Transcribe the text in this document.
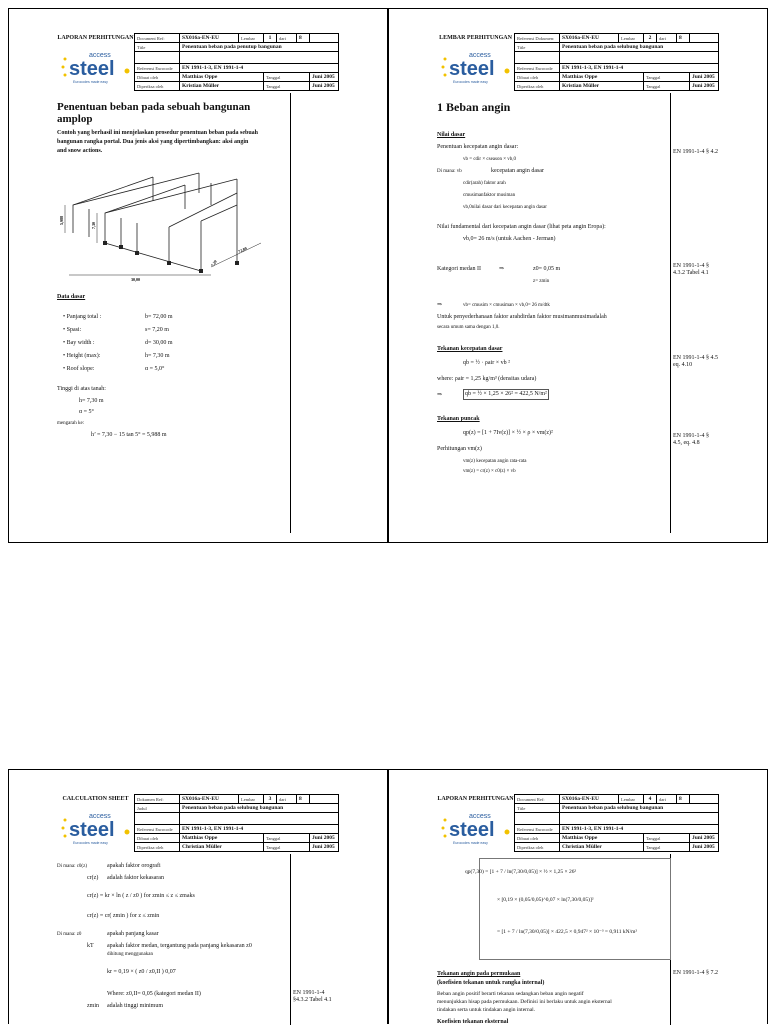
LAPORAN PERHITUNGAN
access
steel
Eurocodes made easy
Document Ref:	SX016a-EN-EU	Lembar	1	dari	8	
Title	Penentuan beban pada penutup bangunan					

Referensi Eurocode	EN 1991-1-3, EN 1991-1-4					
Dibuat oleh	Matthias Oppe		Tanggal			Juni 2005
Diperiksa oleh	Kristian Müller		Tanggal			Juni 2005
Penentuan beban pada sebuah bangunan
amplop
Contoh yang berhasil ini menjelaskan prosedur penentuan beban pada sebuah
bangunan rangka portal. Dua jenis aksi yang dipertimbangkan: aksi angin
and snow actions.
5,988
7,30
72,00
30,00
7,20
Data dasar
• Panjang total :	b= 72,00 m
• Spasi:	s= 7,20 m
• Bay width :	d= 30,00 m
• Height (max):	h= 7,30 m
• Roof slope:	α = 5,0°
Tinggi di atas tanah:
h= 7,30 m
α = 5°
mengarah ke:
h’ = 7,30 − 15 tan 5° = 5,988 m
LEMBAR PERHITUNGAN
access
steel
Eurocodes made easy
Referensi Dokumen:	SX016a-EN-EU	Lembar	2	dari	8	
Title	Penentuan beban pada selubung bangunan					

Referensi Eurocode	EN 1991-1-3, EN 1991-1-4					
Dibuat oleh	Matthias Oppe		Tanggal			Juni 2005
Diperiksa oleh	Kristian Müller		Tanggal			Juni 2005
1 Beban angin
Nilai dasar
Penentuan kecepatan angin dasar:
vb = cdir × cseason × vb,0
Di mana: vb	kecepatan angin dasar
cdir(arah) faktor arah
cmusimanfaktor musiman
vb,0nilai dasar dari kecepatan angin dasar
EN 1991-1-4 § 4.2
Nilai fundamental dari kecepatan angin dasar (lihat peta angin Eropa):
vb,0= 26 m/s (untuk Aachen - Jerman)
Kategori medan II	⇒	z0= 0,05 m
z= zmin
EN 1991-1-4 § 4.3.2 Tabel 4.1
⇒	vb= cmusim × cmusiman × vb,0= 26 m/dtk
Untuk penyederhanaan faktor arahdirdan faktor musimanmusimadalah
secara umum sama dengan 1,0.
Tekanan kecepatan dasar
qb = ½ · ρair × vb ²
where: ρair = 1,25 kg/m³ (densitas udara)
⇒	qb = ½ × 1,25 × 26² = 422,5 N/m²
EN 1991-1-4 § 4.5 eq. 4.10
Tekanan puncak
qp(z) = [1 + 7Iv(z)] × ½ × ρ × vm(z)²	EN 1991-1-4 § 4.5, eq. 4.8
Perhitungan vm(z)
vm(z) kecepatan angin rata-rata
vm(z) = cr(z) × c0(z) × vb
CALCULATION SHEET
access
steel
Eurocodes made easy
Dokumen Ref:	SX016a-EN-EU	Lembar	3	dari	8	
Judul	Penentuan beban pada selubung bangunan					

Referensi Eurocode	EN 1991-1-3, EN 1991-1-4					
Dibuat oleh	Matthias Oppe		Tanggal			Juni 2005
Diperiksa oleh	Christian Müller		Tanggal			Juni 2005
Di mana: c0(z)	apakah faktor orografi
cr(z) adalah faktor kekasaran
cr(z) = kr × ln ( z / z0 ) for zmin ≤ z ≤ zmaks
cr(z) = cr( zmin ) for z ≤ zmin
Di mana: z0	apakah panjang kasar
kT apakah faktor medan, tergantung pada panjang kekasaran z0
dihitung menggunakan
kr = 0,19 × ( z0 / z0,II ) 0,07
Where: z0,II= 0,05 (kategori medan II)
zmin adalah tinggi minimum
EN 1991-1-4 §4.3.2 Tabel 4.1
LAPORAN PERHITUNGAN
access
steel
Eurocodes made easy
Document Ref:	SX016a-EN-EU	Lembar	4	dari	8	
Title	Penentuan beban pada selubung bangunan					

Referensi Eurocode	EN 1991-1-3, EN 1991-1-4					
Dibuat oleh	Matthias Oppe		Tanggal			Juni 2005
Diperiksa oleh	Christian Müller		Tanggal			Juni 2005
qp(7,30) = [1 + 7 / ln(7,30/0,05)] × ½ × 1,25 × 26²
× [0,19 × (0,05/0,05)^0,07 × ln(7,30/0,05)]²
= [1 + 7 / ln(7,30/0,05)] × 422,5 × 0,947² × 10⁻³ = 0,911 kN/m²
Tekanan angin pada permukaan
(koefisien tekanan untuk rangka internal)
EN 1991-1-4 § 7.2
Beban angin positif berarti tekanan sedangkan beban angin negatif
menunjukkan hisap pada permukaan. Definisi ini berlaku untuk angin eksternal
tindakan serta untuk tindakan angin internal.
Koefisien tekanan eksternal
